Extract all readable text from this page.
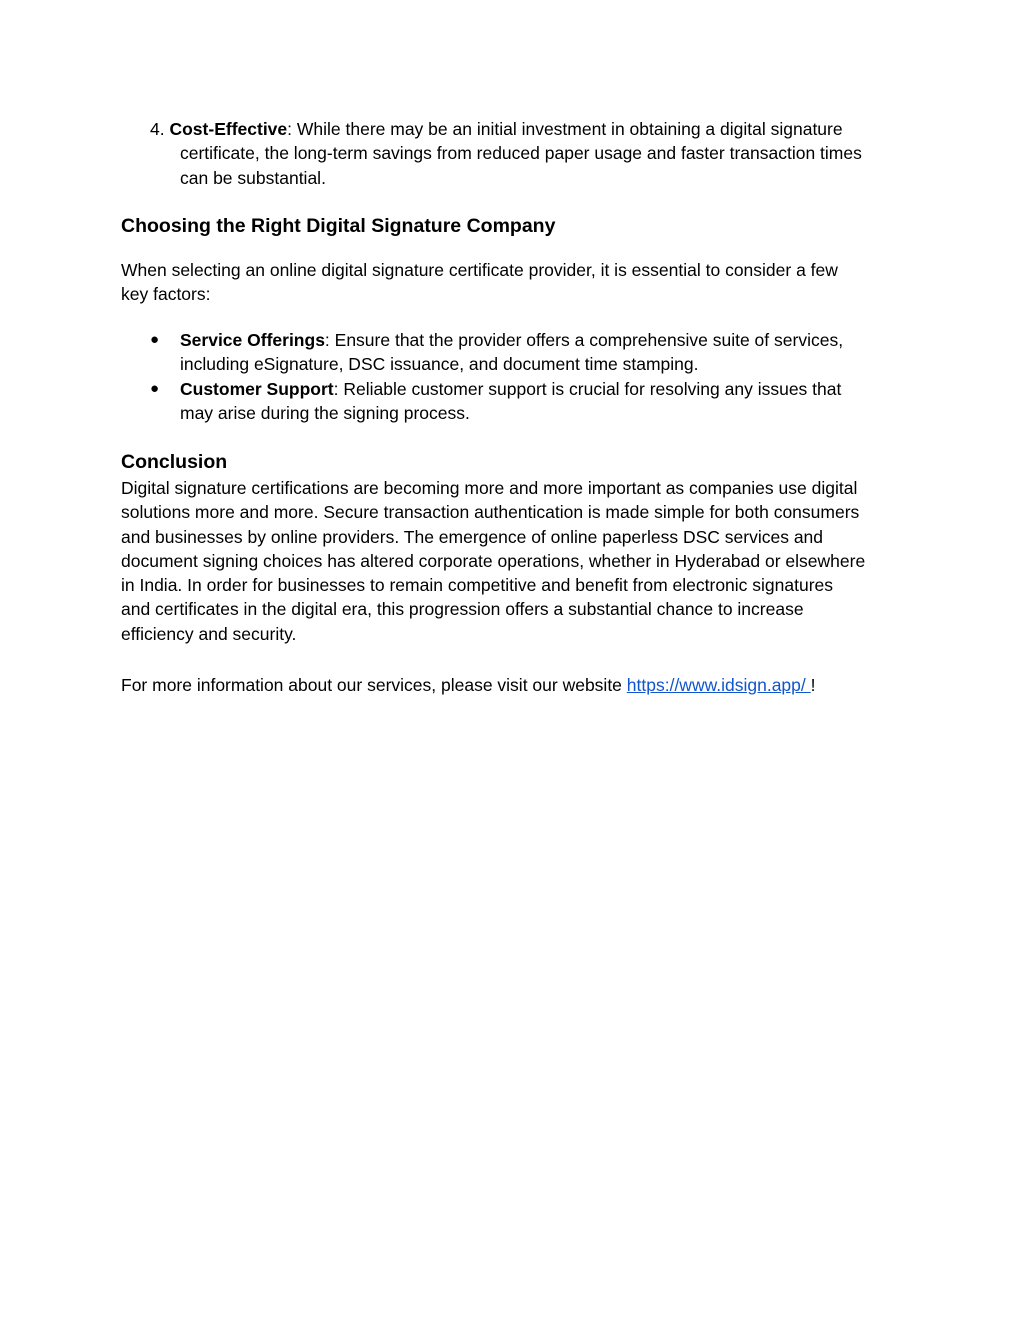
4. Cost-Effective: While there may be an initial investment in obtaining a digital signature
certificate, the long-term savings from reduced paper usage and faster transaction times
can be substantial.
Choosing the Right Digital Signature Company
When selecting an online digital signature certificate provider, it is essential to consider a few
key factors:
●	Service Offerings: Ensure that the provider offers a comprehensive suite of services,
including eSignature, DSC issuance, and document time stamping.
●	Customer Support: Reliable customer support is crucial for resolving any issues that
may arise during the signing process.
Conclusion
Digital signature certifications are becoming more and more important as companies use digital
solutions more and more. Secure transaction authentication is made simple for both consumers
and businesses by online providers. The emergence of online paperless DSC services and
document signing choices has altered corporate operations, whether in Hyderabad or elsewhere
in India. In order for businesses to remain competitive and benefit from electronic signatures
and certificates in the digital era, this progression offers a substantial chance to increase
efficiency and security.
For more information about our services, please visit our website https://www.idsign.app/ !
